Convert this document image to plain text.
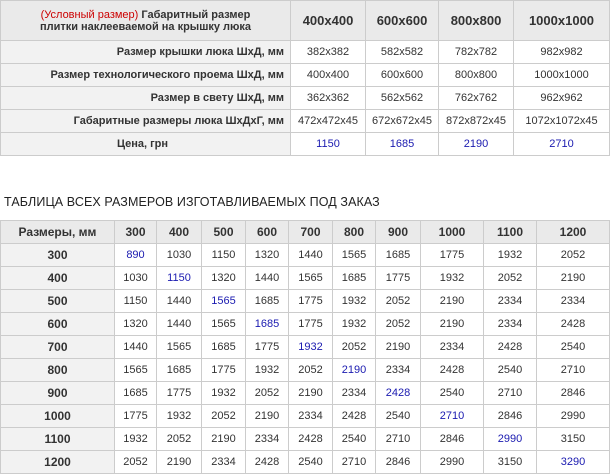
(Условный размер) Габаритный размер
плитки наклееваемой на крышку люка	400x400	600x600	800x800	1000x1000
Размер крышки люка ШхД, мм	382x382	582x582	782x782	982x982
Размер технологического проема ШхД, мм	400x400	600x600	800x800	1000x1000
Размер в свету ШхД, мм	362x362	562x562	762x762	962x962
Габаритные размеры люка ШхДхГ, мм	472x472x45	672x672x45	872x872x45	1072x1072x45
Цена, грн	1150	1685	2190	2710
ТАБЛИЦА ВСЕХ РАЗМЕРОВ ИЗГОТАВЛИВАЕМЫХ ПОД ЗАКАЗ
Размеры, мм	300	400	500	600	700	800	900	1000	1100	1200
300	890	1030	1150	1320	1440	1565	1685	1775	1932	2052
400	1030	1150	1320	1440	1565	1685	1775	1932	2052	2190
500	1150	1440	1565	1685	1775	1932	2052	2190	2334	2334
600	1320	1440	1565	1685	1775	1932	2052	2190	2334	2428
700	1440	1565	1685	1775	1932	2052	2190	2334	2428	2540
800	1565	1685	1775	1932	2052	2190	2334	2428	2540	2710
900	1685	1775	1932	2052	2190	2334	2428	2540	2710	2846
1000	1775	1932	2052	2190	2334	2428	2540	2710	2846	2990
1100	1932	2052	2190	2334	2428	2540	2710	2846	2990	3150
1200	2052	2190	2334	2428	2540	2710	2846	2990	3150	3290
